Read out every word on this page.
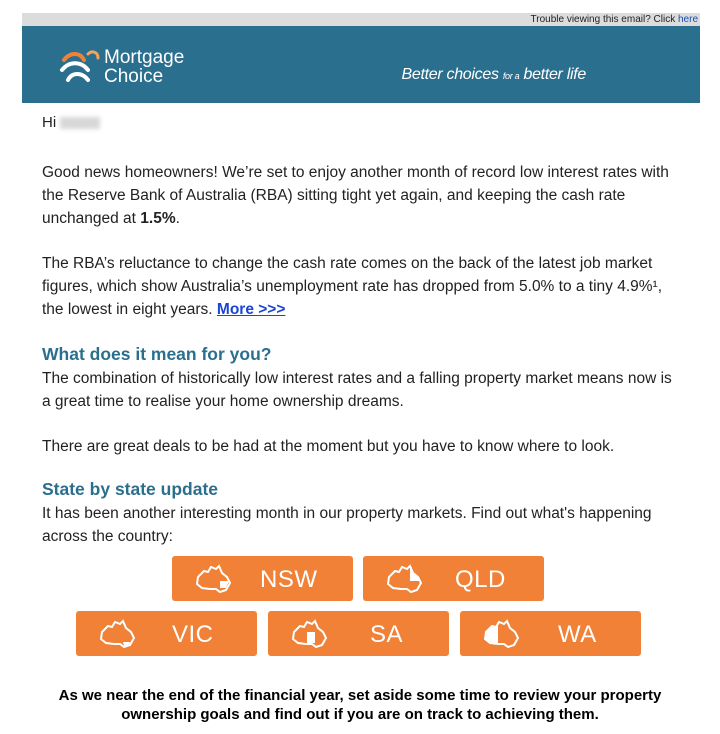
Trouble viewing this email? Click here
Mortgage
Choice	Better choices for a better life
Hi
Good news homeowners! We’re set to enjoy another month of record low interest rates with the Reserve Bank of Australia (RBA) sitting tight yet again, and keeping the cash rate unchanged at 1.5%.
The RBA’s reluctance to change the cash rate comes on the back of the latest job market figures, which show Australia’s unemployment rate has dropped from 5.0% to a tiny 4.9%¹, the lowest in eight years. More >>>
What does it mean for you?
The combination of historically low interest rates and a falling property market means now is a great time to realise your home ownership dreams.
There are great deals to be had at the moment but you have to know where to look.
State by state update
It has been another interesting month in our property markets. Find out what's happening across the country:
NSW	QLD
VIC	SA	WA
As we near the end of the financial year, set aside some time to review your property ownership goals and find out if you are on track to achieving them.
